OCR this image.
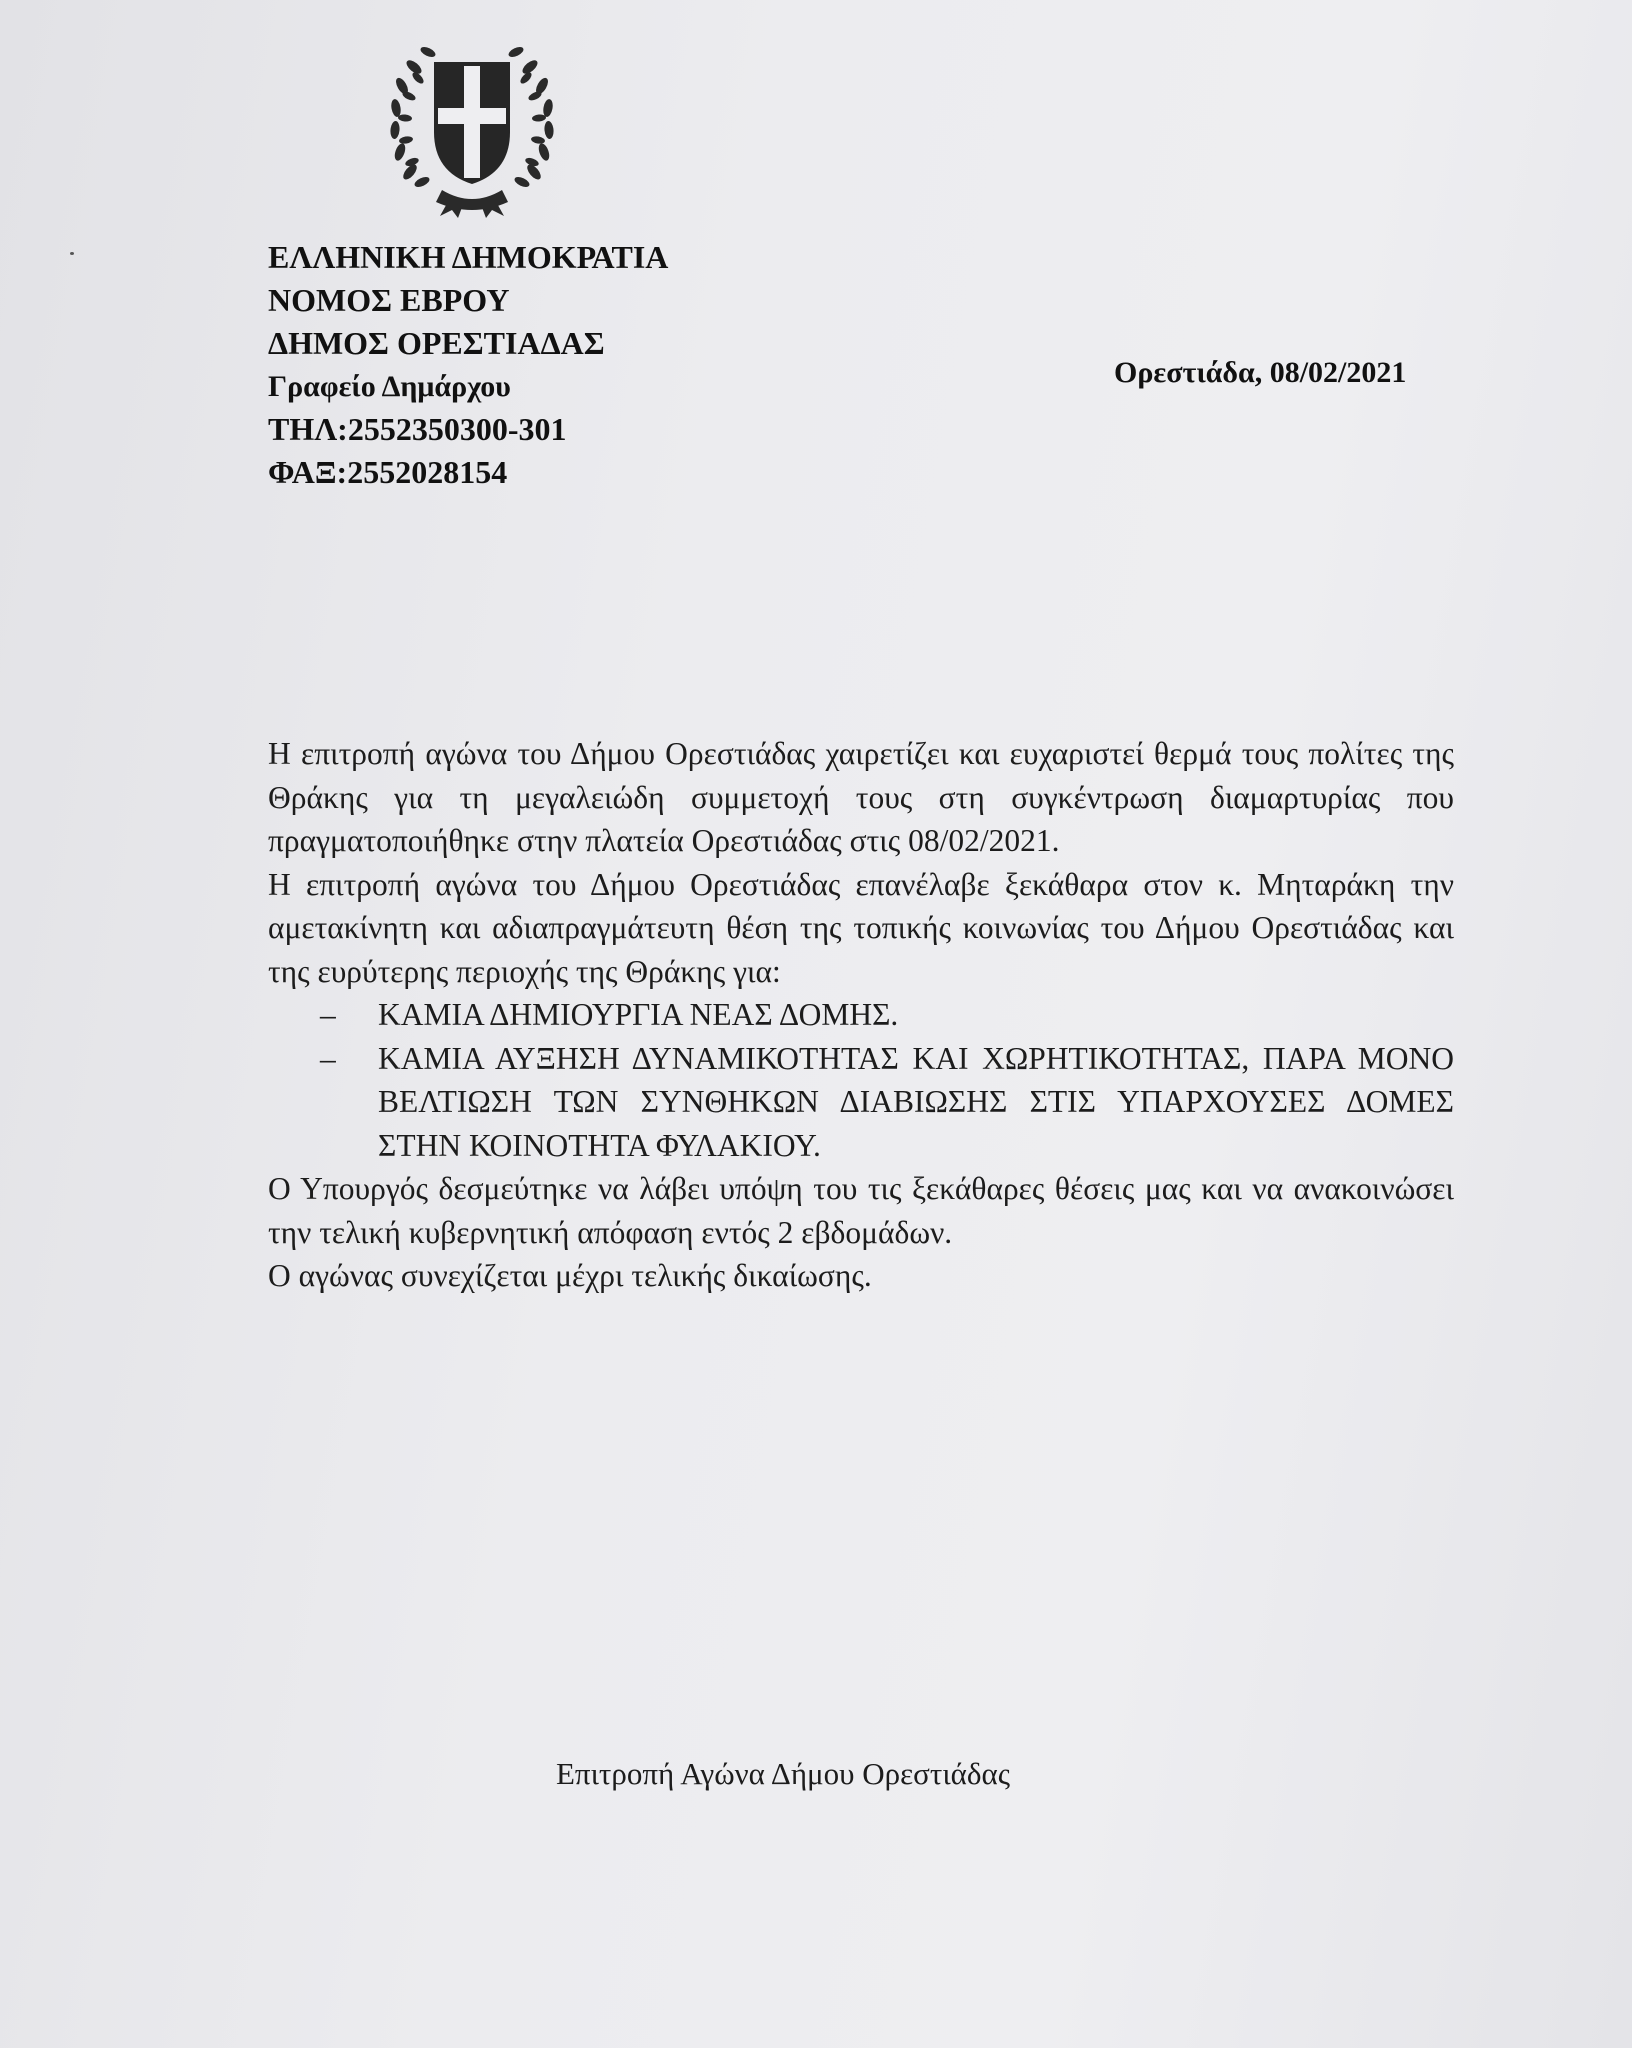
ΕΛΛΗΝΙΚΗ ΔΗΜΟΚΡΑΤΙΑ
ΝΟΜΟΣ ΕΒΡΟΥ
ΔΗΜΟΣ ΟΡΕΣΤΙΑΔΑΣ
Γραφείο Δημάρχου
ΤΗΛ:2552350300-301
ΦΑΞ:2552028154
Ορεστιάδα, 08/02/2021

Η επιτροπή αγώνα του Δήμου Ορεστιάδας χαιρετίζει και ευχαριστεί θερμά τους πολίτες της Θράκης για τη μεγαλειώδη συμμετοχή τους στη συγκέντρωση διαμαρτυρίας που πραγματοποιήθηκε στην πλατεία Ορεστιάδας στις 08/02/2021.

Η επιτροπή αγώνα του Δήμου Ορεστιάδας επανέλαβε ξεκάθαρα στον κ. Μηταράκη την αμετακίνητη και αδιαπραγμάτευτη θέση της τοπικής κοινωνίας του Δήμου Ορεστιάδας και της ευρύτερης περιοχής της Θράκης για:

– ΚΑΜΙΑ ΔΗΜΙΟΥΡΓΙΑ ΝΕΑΣ ΔΟΜΗΣ.
– ΚΑΜΙΑ ΑΥΞΗΣΗ ΔΥΝΑΜΙΚΟΤΗΤΑΣ ΚΑΙ ΧΩΡΗΤΙΚΟΤΗΤΑΣ, ΠΑΡΑ ΜΟΝΟ ΒΕΛΤΙΩΣΗ ΤΩΝ ΣΥΝΘΗΚΩΝ ΔΙΑΒΙΩΣΗΣ ΣΤΙΣ ΥΠΑΡΧΟΥΣΕΣ ΔΟΜΕΣ ΣΤΗΝ ΚΟΙΝΟΤΗΤΑ ΦΥΛΑΚΙΟΥ.

Ο Υπουργός δεσμεύτηκε να λάβει υπόψη του τις ξεκάθαρες θέσεις μας και να ανακοινώσει την τελική κυβερνητική απόφαση εντός 2 εβδομάδων.

Ο αγώνας συνεχίζεται μέχρι τελικής δικαίωσης.

Επιτροπή Αγώνα Δήμου Ορεστιάδας
